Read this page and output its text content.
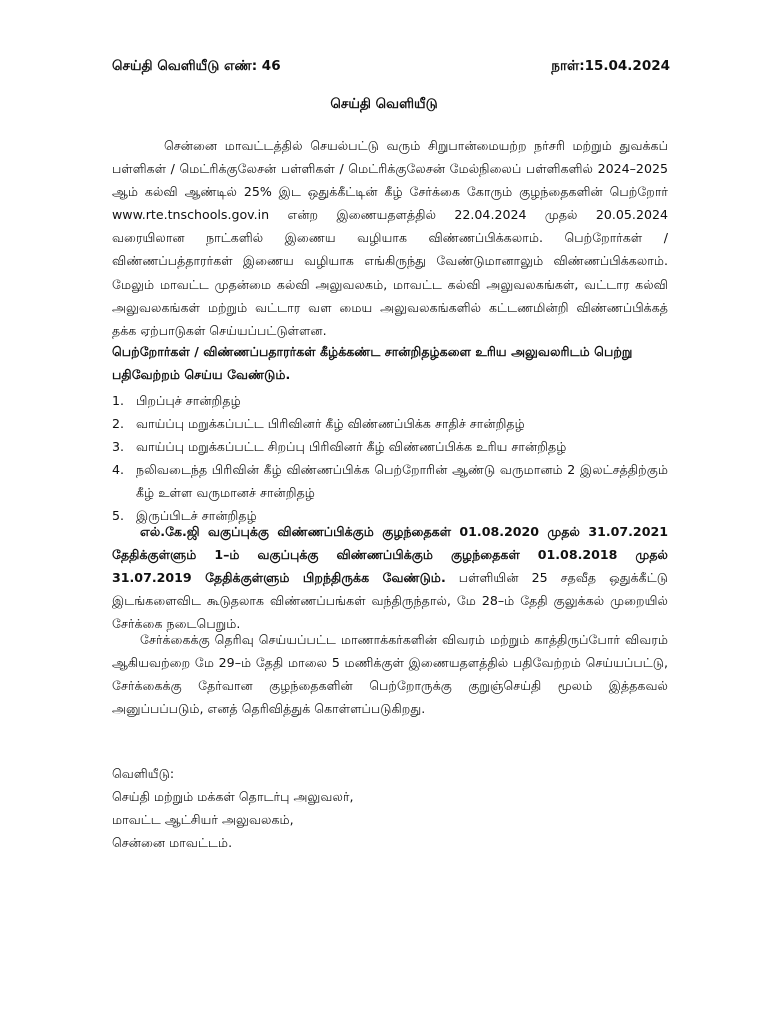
செய்தி வெளியீடு எண்: 46	நாள்:15.04.2024
செய்தி வெளியீடு
சென்னை மாவட்டத்தில் செயல்பட்டு வரும் சிறுபான்மையற்ற நர்சரி மற்றும் துவக்கப் பள்ளிகள் / மெட்ரிக்குலேசன் பள்ளிகள் / மெட்ரிக்குலேசன் மேல்நிலைப் பள்ளிகளில் 2024–2025 ஆம் கல்வி ஆண்டில் 25% இட ஒதுக்கீட்டின் கீழ் சேர்க்கை கோரும் குழந்தைகளின் பெற்றோர் www.rte.tnschools.gov.in என்ற இணையதளத்தில் 22.04.2024 முதல் 20.05.2024 வரையிலான நாட்களில் இணைய வழியாக விண்ணப்பிக்கலாம். பெற்றோர்கள் / விண்ணப்பத்தாரர்கள் இணைய வழியாக எங்கிருந்து வேண்டுமானாலும் விண்ணப்பிக்கலாம். மேலும் மாவட்ட முதன்மை கல்வி அலுவலகம், மாவட்ட கல்வி அலுவலகங்கள், வட்டார கல்வி அலுவலகங்கள் மற்றும் வட்டார வள மைய அலுவலகங்களில் கட்டணமின்றி விண்ணப்பிக்கத் தக்க ஏற்பாடுகள் செய்யப்பட்டுள்ளன.
பெற்றோர்கள் / விண்ணப்பதாரர்கள் கீழ்க்கண்ட சான்றிதழ்களை உரிய அலுவலரிடம் பெற்று பதிவேற்றம் செய்ய வேண்டும்.
1. பிறப்புச் சான்றிதழ்
2. வாய்ப்பு மறுக்கப்பட்ட பிரிவினர் கீழ் விண்ணப்பிக்க சாதிச் சான்றிதழ்
3. வாய்ப்பு மறுக்கப்பட்ட சிறப்பு பிரிவினர் கீழ் விண்ணப்பிக்க உரிய சான்றிதழ்
4. நலிவடைந்த பிரிவின் கீழ் விண்ணப்பிக்க பெற்றோரின் ஆண்டு வருமானம் 2 இலட்சத்திற்கும் கீழ் உள்ள வருமானச் சான்றிதழ்
5. இருப்பிடச் சான்றிதழ்
எல்.கே.ஜி வகுப்புக்கு விண்ணப்பிக்கும் குழந்தைகள் 01.08.2020 முதல் 31.07.2021 தேதிக்குள்ளும் 1–ம் வகுப்புக்கு விண்ணப்பிக்கும் குழந்தைகள் 01.08.2018 முதல் 31.07.2019 தேதிக்குள்ளும் பிறந்திருக்க வேண்டும். பள்ளியின் 25 சதவீத ஒதுக்கீட்டு இடங்களைவிட கூடுதலாக விண்ணப்பங்கள் வந்திருந்தால், மே 28–ம் தேதி குலுக்கல் முறையில் சேர்க்கை நடைபெறும்.
சேர்க்கைக்கு தெரிவு செய்யப்பட்ட மாணாக்கர்களின் விவரம் மற்றும் காத்திருப்போர் விவரம் ஆகியவற்றை மே 29–ம் தேதி மாலை 5 மணிக்குள் இணையதளத்தில் பதிவேற்றம் செய்யப்பட்டு, சேர்க்கைக்கு தேர்வான குழந்தைகளின் பெற்றோருக்கு குறுஞ்செய்தி மூலம் இத்தகவல் அனுப்பப்படும், எனத் தெரிவித்துக் கொள்ளப்படுகிறது.
வெளியீடு:
செய்தி மற்றும் மக்கள் தொடர்பு அலுவலர்,
மாவட்ட ஆட்சியர் அலுவலகம்,
சென்னை மாவட்டம்.
